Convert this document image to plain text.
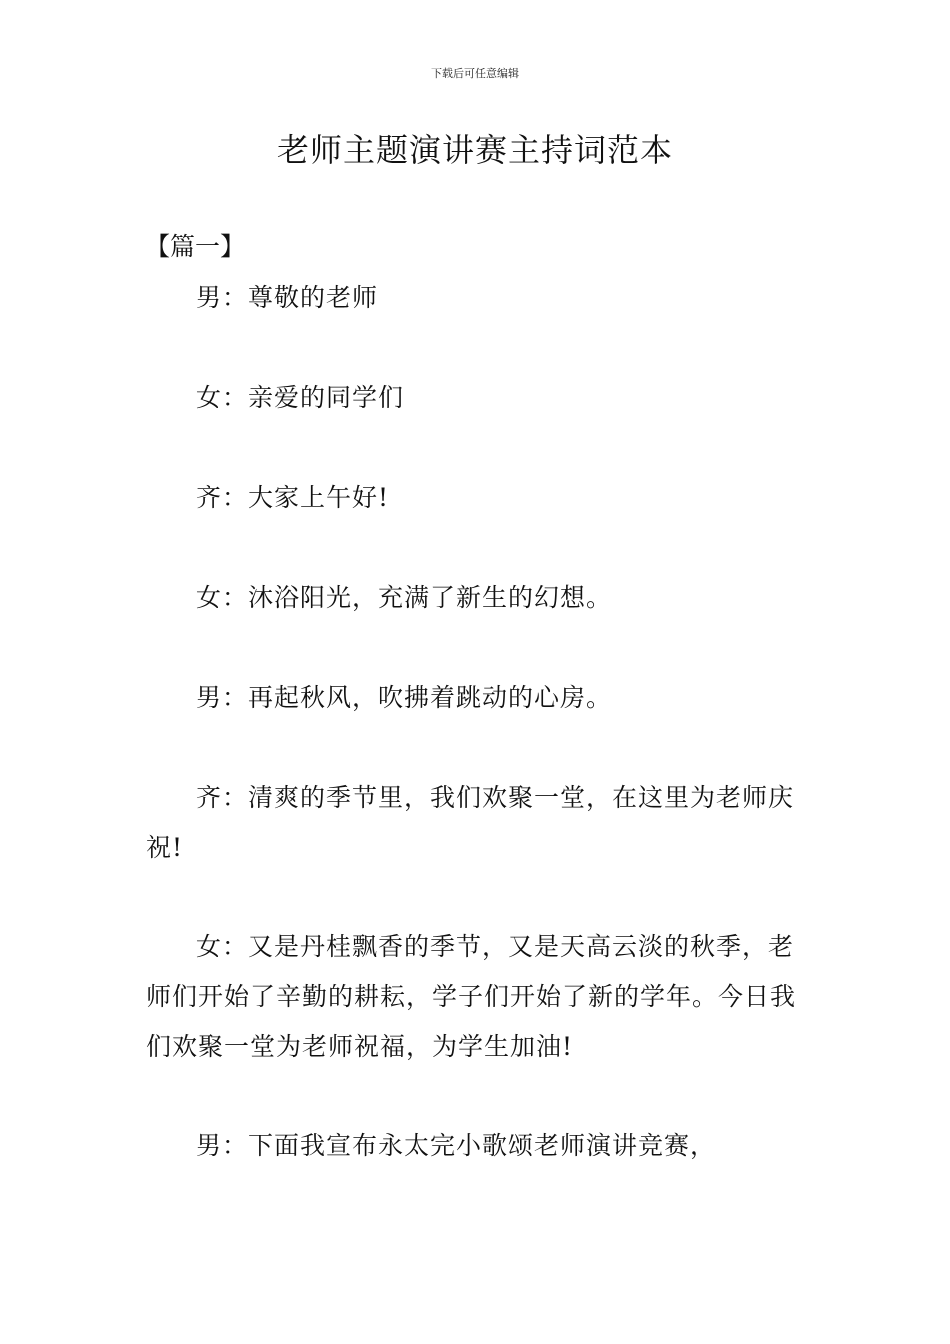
下载后可任意编辑
老师主题演讲赛主持词范本
【篇一】

男：尊敬的老师

女：亲爱的同学们

齐：大家上午好!

女：沐浴阳光，充满了新生的幻想。

男：再起秋风，吹拂着跳动的心房。

齐：清爽的季节里，我们欢聚一堂，在这里为老师庆祝!

女：又是丹桂飘香的季节，又是天高云淡的秋季，老师们开始了辛勤的耕耘，学子们开始了新的学年。今日我们欢聚一堂为老师祝福，为学生加油!

男：下面我宣布永太完小歌颂老师演讲竞赛，
